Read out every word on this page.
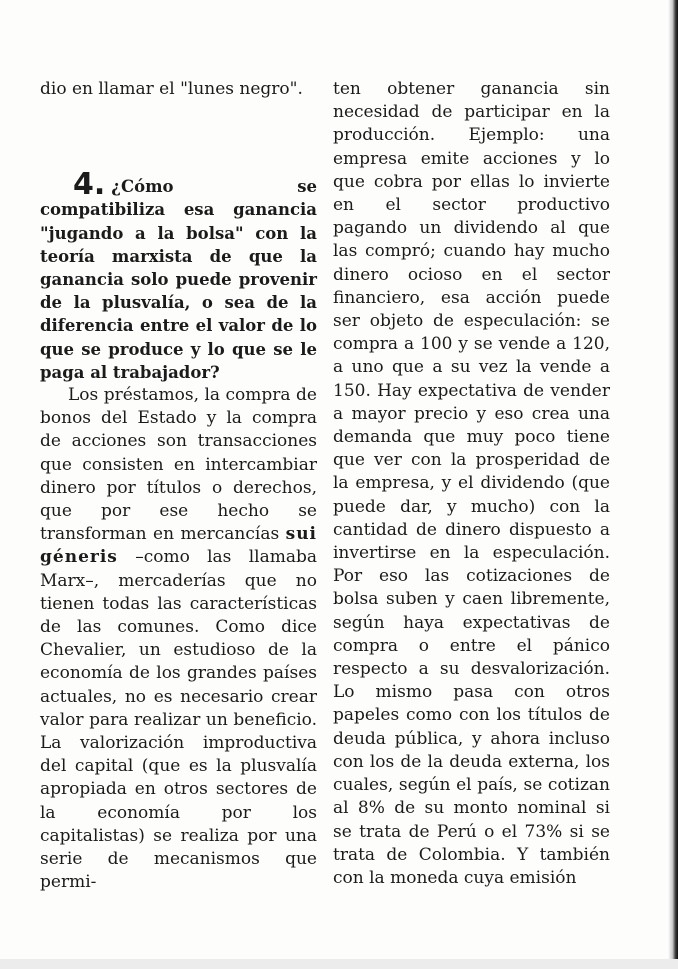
dio en llamar el "lunes negro".

4. ¿Cómo se compatibiliza esa ganancia "jugando a la bolsa" con la teoría marxista de que la ganancia solo puede provenir de la plusvalía, o sea de la diferencia entre el valor de lo que se produce y lo que se le paga al trabajador?

Los préstamos, la compra de bonos del Estado y la compra de acciones son transacciones que consisten en intercambiar dinero por títulos o derechos, que por ese hecho se transforman en mercancías sui géneris –como las llamaba Marx–, mercaderías que no tienen todas las características de las comunes. Como dice Chevalier, un estudioso de la economía de los grandes países actuales, no es necesario crear valor para realizar un beneficio. La valorización improductiva del capital (que es la plusvalía apropiada en otros sectores de la economía por los capitalistas) se realiza por una serie de mecanismos que permi-

ten obtener ganancia sin necesidad de participar en la producción. Ejemplo: una empresa emite acciones y lo que cobra por ellas lo invierte en el sector productivo pagando un dividendo al que las compró; cuando hay mucho dinero ocioso en el sector financiero, esa acción puede ser objeto de especulación: se compra a 100 y se vende a 120, a uno que a su vez la vende a 150. Hay expectativa de vender a mayor precio y eso crea una demanda que muy poco tiene que ver con la prosperidad de la empresa, y el dividendo (que puede dar, y mucho) con la cantidad de dinero dispuesto a invertirse en la especulación. Por eso las cotizaciones de bolsa suben y caen libremente, según haya expectativas de compra o entre el pánico respecto a su desvalorización. Lo mismo pasa con otros papeles como con los títulos de deuda pública, y ahora incluso con los de la deuda externa, los cuales, según el país, se cotizan al 8% de su monto nominal si se trata de Perú o el 73% si se trata de Colombia. Y también con la moneda cuya emisión
